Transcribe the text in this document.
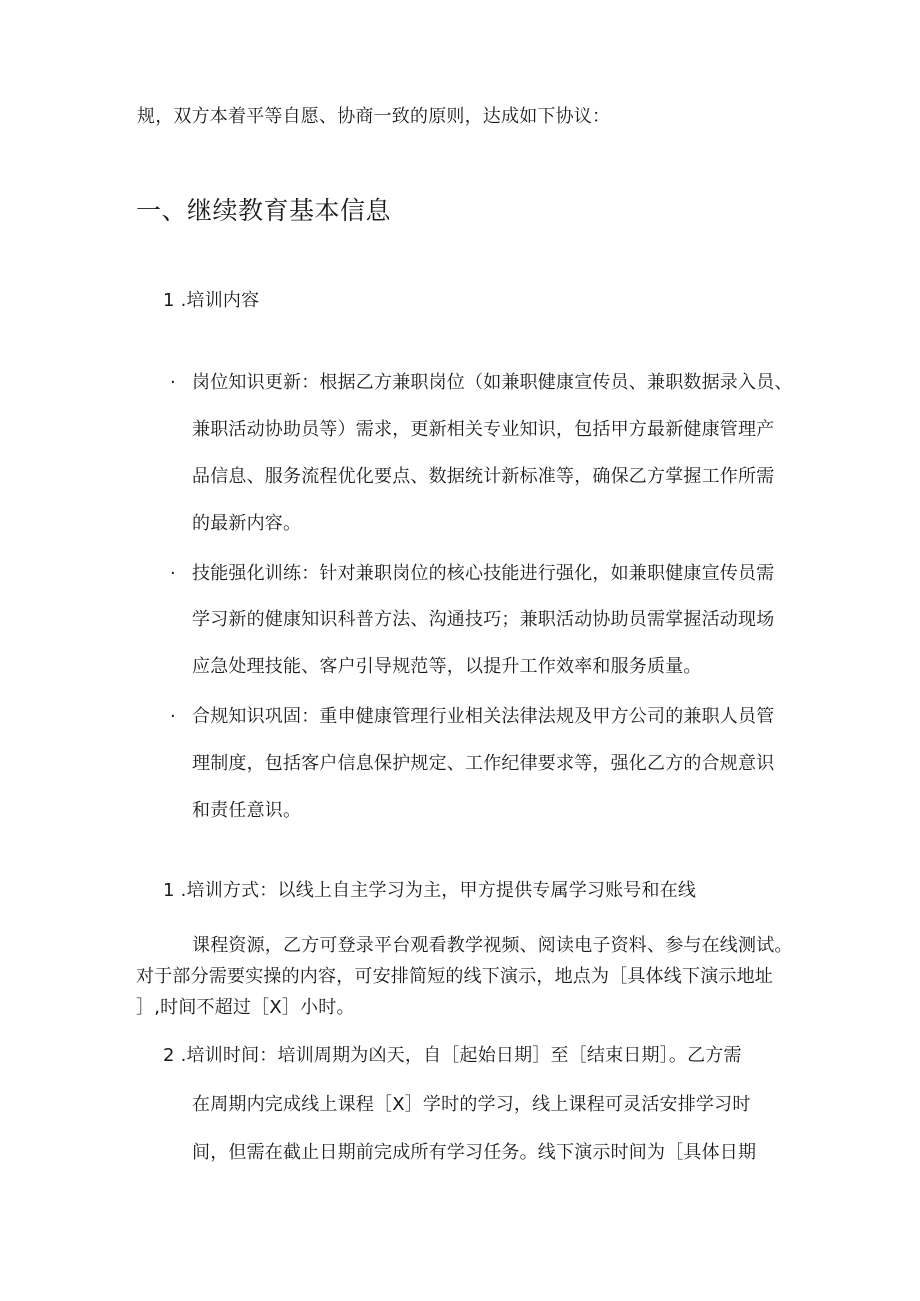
规，双方本着平等自愿、协商一致的原则，达成如下协议：
一、继续教育基本信息
1 .培训内容
· 岗位知识更新：根据乙方兼职岗位（如兼职健康宣传员、兼职数据录入员、
兼职活动协助员等）需求，更新相关专业知识，包括甲方最新健康管理产
品信息、服务流程优化要点、数据统计新标准等，确保乙方掌握工作所需
的最新内容。
· 技能强化训练：针对兼职岗位的核心技能进行强化，如兼职健康宣传员需
学习新的健康知识科普方法、沟通技巧；兼职活动协助员需掌握活动现场
应急处理技能、客户引导规范等，以提升工作效率和服务质量。
· 合规知识巩固：重申健康管理行业相关法律法规及甲方公司的兼职人员管
理制度，包括客户信息保护规定、工作纪律要求等，强化乙方的合规意识
和责任意识。
1 .培训方式：以线上自主学习为主，甲方提供专属学习账号和在线
课程资源，乙方可登录平台观看教学视频、阅读电子资料、参与在线测试。
对于部分需要实操的内容，可安排简短的线下演示，地点为［具体线下演示地址
］,时间不超过［X］小时。
2 .培训时间：培训周期为凶天，自［起始日期］至［结束日期］。乙方需
在周期内完成线上课程［X］学时的学习，线上课程可灵活安排学习时
间，但需在截止日期前完成所有学习任务。线下演示时间为［具体日期
